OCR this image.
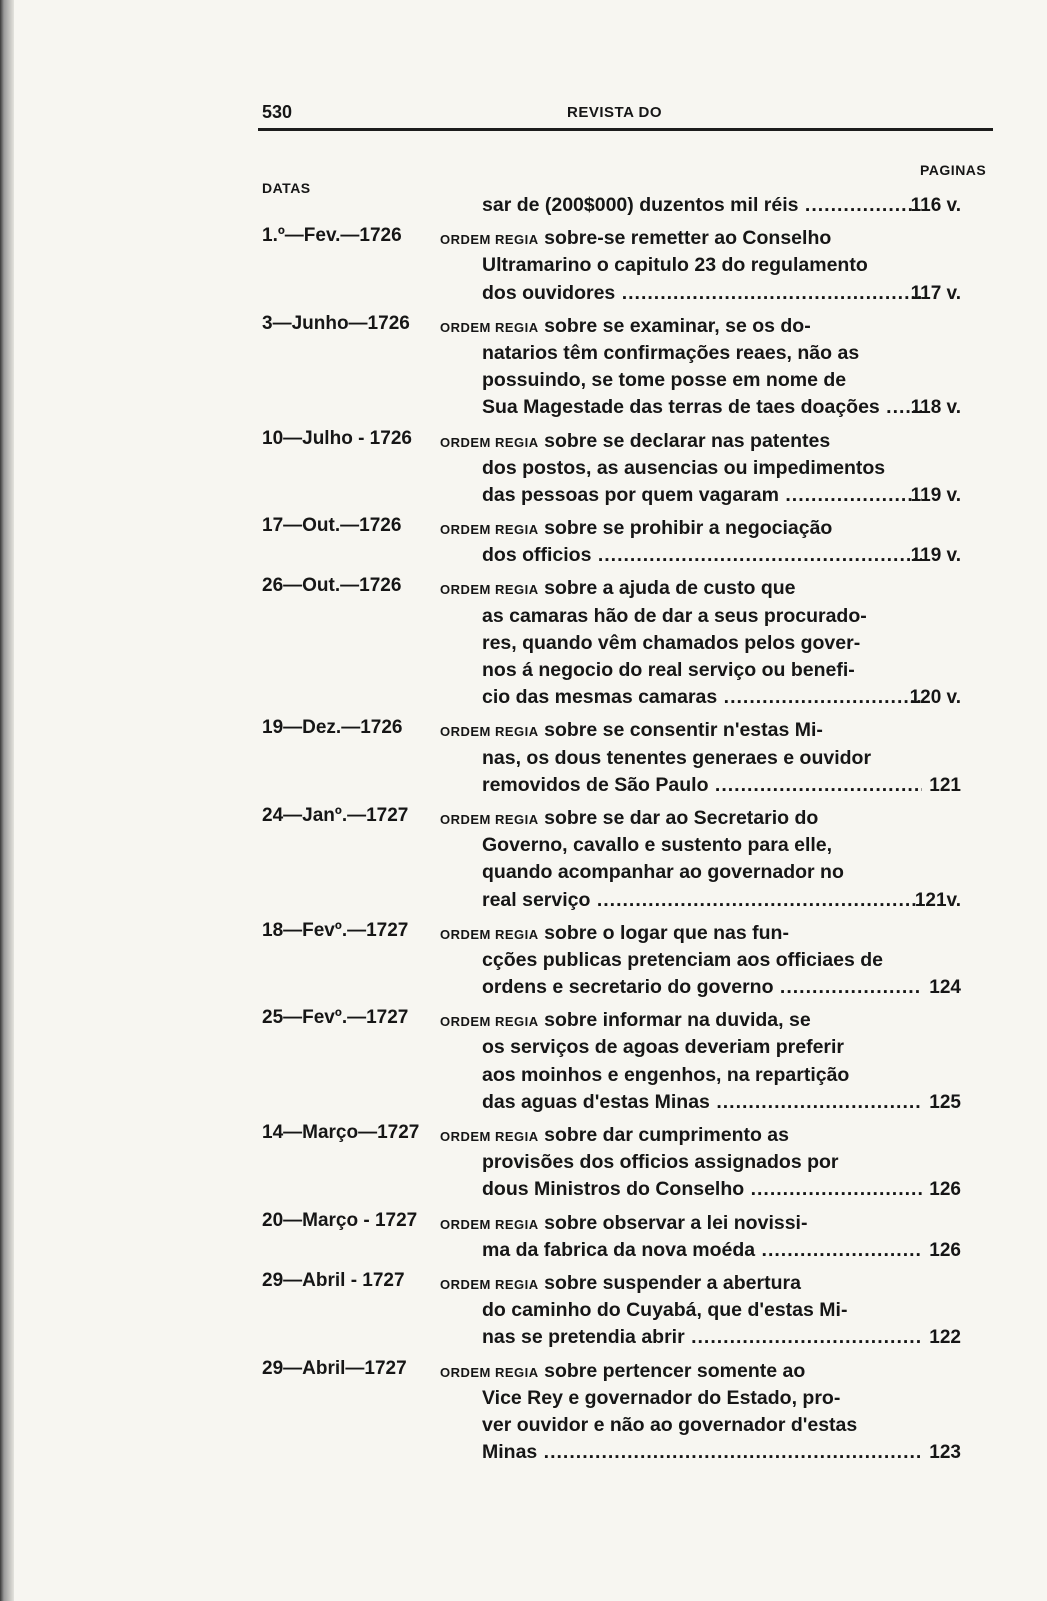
530	REVISTA DO
DATAS
PAGINAS
sar de (200$000) duzentos mil réis .....	116 v.
1.º—Fev.—1726	ORDEM REGIA sobre-se remetter ao Conselho
Ultramarino o capitulo 23 do regulamento
dos ouvidores .....	117 v.
3—Junho—1726	ORDEM REGIA sobre se examinar, se os do-
natarios têm confirmações reaes, não as
possuindo, se tome posse em nome de
Sua Magestade das terras de taes doações .....	118 v.
10—Julho - 1726	ORDEM REGIA sobre se declarar nas patentes
dos postos, as ausencias ou impedimentos
das pessoas por quem vagaram .....	119 v.
17—Out.—1726	ORDEM REGIA sobre se prohibir a negociação
dos officios .....	119 v.
26—Out.—1726	ORDEM REGIA sobre a ajuda de custo que
as camaras hão de dar a seus procurado-
res, quando vêm chamados pelos gover-
nos á negocio do real serviço ou benefi-
cio das mesmas camaras .....	120 v.
19—Dez.—1726	ORDEM REGIA sobre se consentir n'estas Mi-
nas, os dous tenentes generaes e ouvidor
removidos de São Paulo .....	121
24—Janº.—1727	ORDEM REGIA sobre se dar ao Secretario do
Governo, cavallo e sustento para elle,
quando acompanhar ao governador no
real serviço .....	121v.
18—Fevº.—1727	ORDEM REGIA sobre o logar que nas fun-
cções publicas pretenciam aos officiaes de
ordens e secretario do governo .....	124
25—Fevº.—1727	ORDEM REGIA sobre informar na duvida, se
os serviços de agoas deveriam preferir
aos moinhos e engenhos, na repartição
das aguas d'estas Minas .....	125
14—Março—1727	ORDEM REGIA sobre dar cumprimento as
provisões dos officios assignados por
dous Ministros do Conselho .....	126
20—Março - 1727	ORDEM REGIA sobre observar a lei novissi-
ma da fabrica da nova moéda .....	126
29—Abril - 1727	ORDEM REGIA sobre suspender a abertura
do caminho do Cuyabá, que d'estas Mi-
nas se pretendia abrir .....	122
29—Abril—1727	ORDEM REGIA sobre pertencer somente ao
Vice Rey e governador do Estado, pro-
ver ouvidor e não ao governador d'estas
Minas .....	123
